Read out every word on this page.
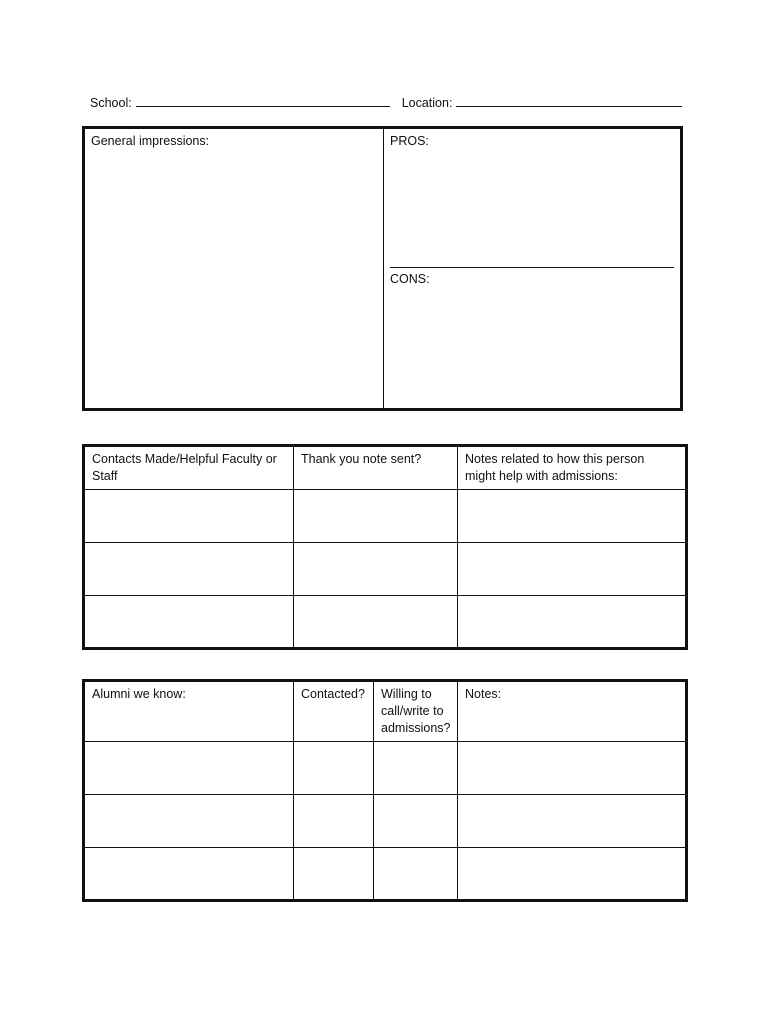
School:	Location:
General impressions:	PROS:
CONS:
Contacts Made/Helpful Faculty or Staff	Thank you note sent?	Notes related to how this person might help with admissions:

Alumni we know:	Contacted?	Willing to call/write to admissions?	Notes:
